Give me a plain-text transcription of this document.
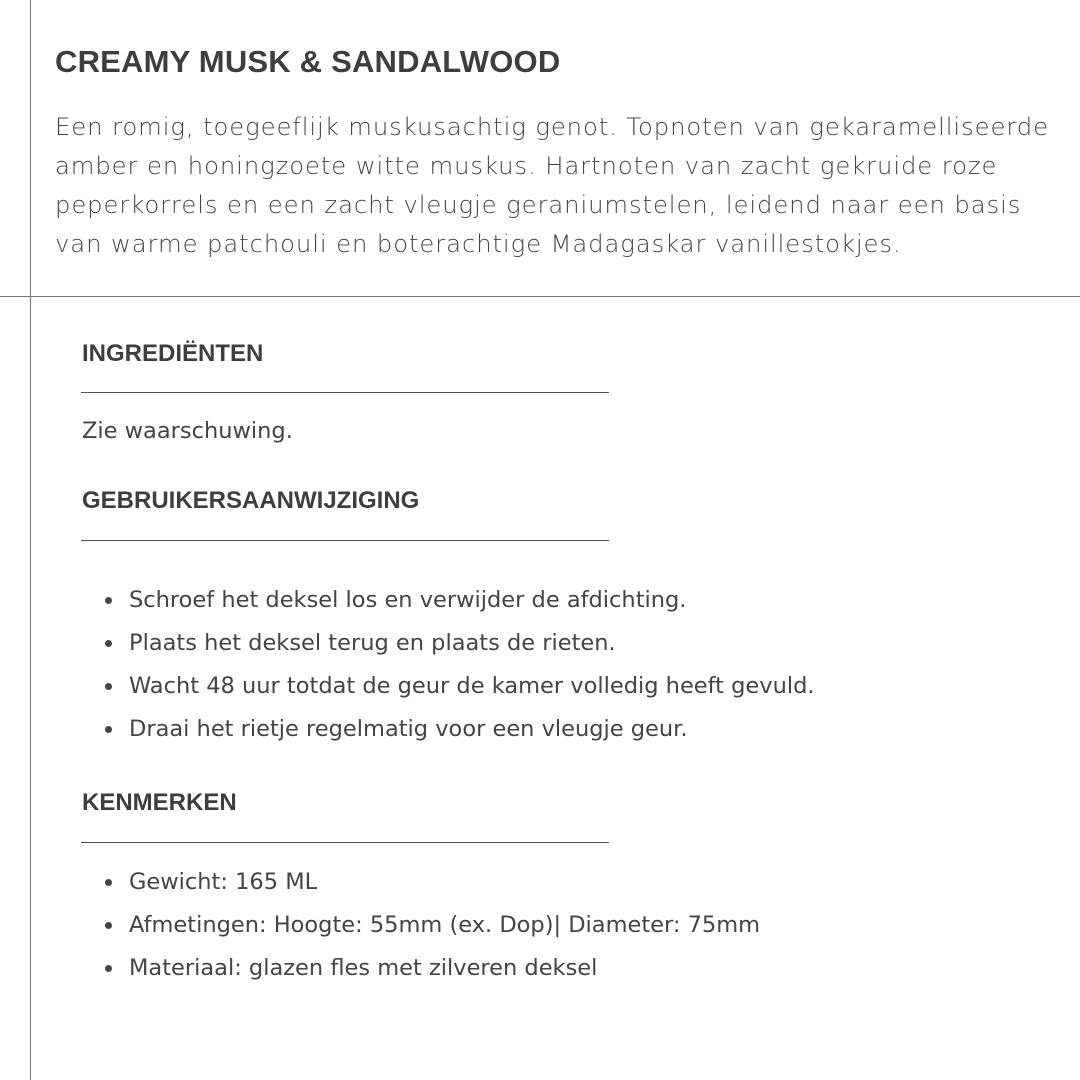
CREAMY MUSK & SANDALWOOD

Een romig, toegeeflijk muskusachtig genot. Topnoten van gekaramelliseerde amber en honingzoete witte muskus. Hartnoten van zacht gekruide roze peperkorrels en een zacht vleugje geraniumstelen, leidend naar een basis van warme patchouli en boterachtige Madagaskar vanillestokjes.

INGREDIËNTEN

Zie waarschuwing.

GEBRUIKERSAANWIJZIGING
Schroef het deksel los en verwijder de afdichting.
Plaats het deksel terug en plaats de rieten.
Wacht 48 uur totdat de geur de kamer volledig heeft gevuld.
Draai het rietje regelmatig voor een vleugje geur.
KENMERKEN
Gewicht: 165 ML
Afmetingen: Hoogte: 55mm (ex. Dop)| Diameter: 75mm
Materiaal: glazen fles met zilveren deksel
